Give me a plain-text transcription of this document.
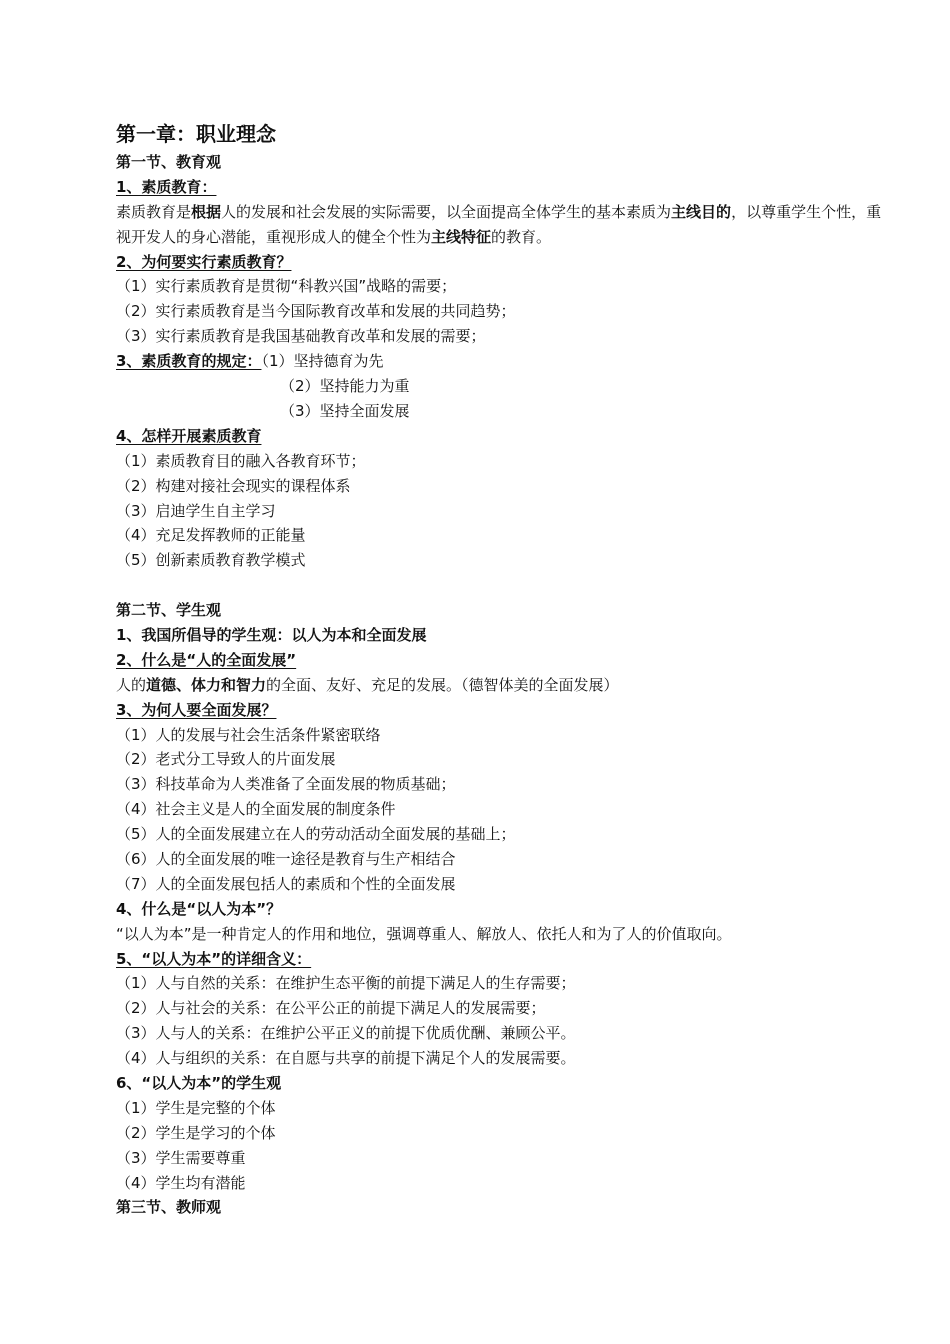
第一章：职业理念
第一节、教育观
1、素质教育：
素质教育是根据人的发展和社会发展的实际需要，以全面提高全体学生的基本素质为主线目的，以尊重学生个性，重视开发人的身心潜能，重视形成人的健全个性为主线特征的教育。
2、为何要实行素质教育？
（1）实行素质教育是贯彻“科教兴国”战略的需要；
（2）实行素质教育是当今国际教育改革和发展的共同趋势；
（3）实行素质教育是我国基础教育改革和发展的需要；
3、素质教育的规定：（1）坚持德育为先
（2）坚持能力为重
（3）坚持全面发展
4、怎样开展素质教育
（1）素质教育目的融入各教育环节；
（2）构建对接社会现实的课程体系
（3）启迪学生自主学习
（4）充足发挥教师的正能量
（5）创新素质教育教学模式
第二节、学生观
1、我国所倡导的学生观：以人为本和全面发展
2、什么是“人的全面发展”
人的道德、体力和智力的全面、友好、充足的发展。（德智体美的全面发展）
3、为何人要全面发展？
（1）人的发展与社会生活条件紧密联络
（2）老式分工导致人的片面发展
（3）科技革命为人类准备了全面发展的物质基础；
（4）社会主义是人的全面发展的制度条件
（5）人的全面发展建立在人的劳动活动全面发展的基础上；
（6）人的全面发展的唯一途径是教育与生产相结合
（7）人的全面发展包括人的素质和个性的全面发展
4、什么是“以人为本”？
“以人为本”是一种肯定人的作用和地位，强调尊重人、解放人、依托人和为了人的价值取向。
5、“以人为本”的详细含义：
（1）人与自然的关系：在维护生态平衡的前提下满足人的生存需要；
（2）人与社会的关系：在公平公正的前提下满足人的发展需要；
（3）人与人的关系：在维护公平正义的前提下优质优酬、兼顾公平。
（4）人与组织的关系：在自愿与共享的前提下满足个人的发展需要。
6、“以人为本”的学生观
（1）学生是完整的个体
（2）学生是学习的个体
（3）学生需要尊重
（4）学生均有潜能
第三节、教师观
